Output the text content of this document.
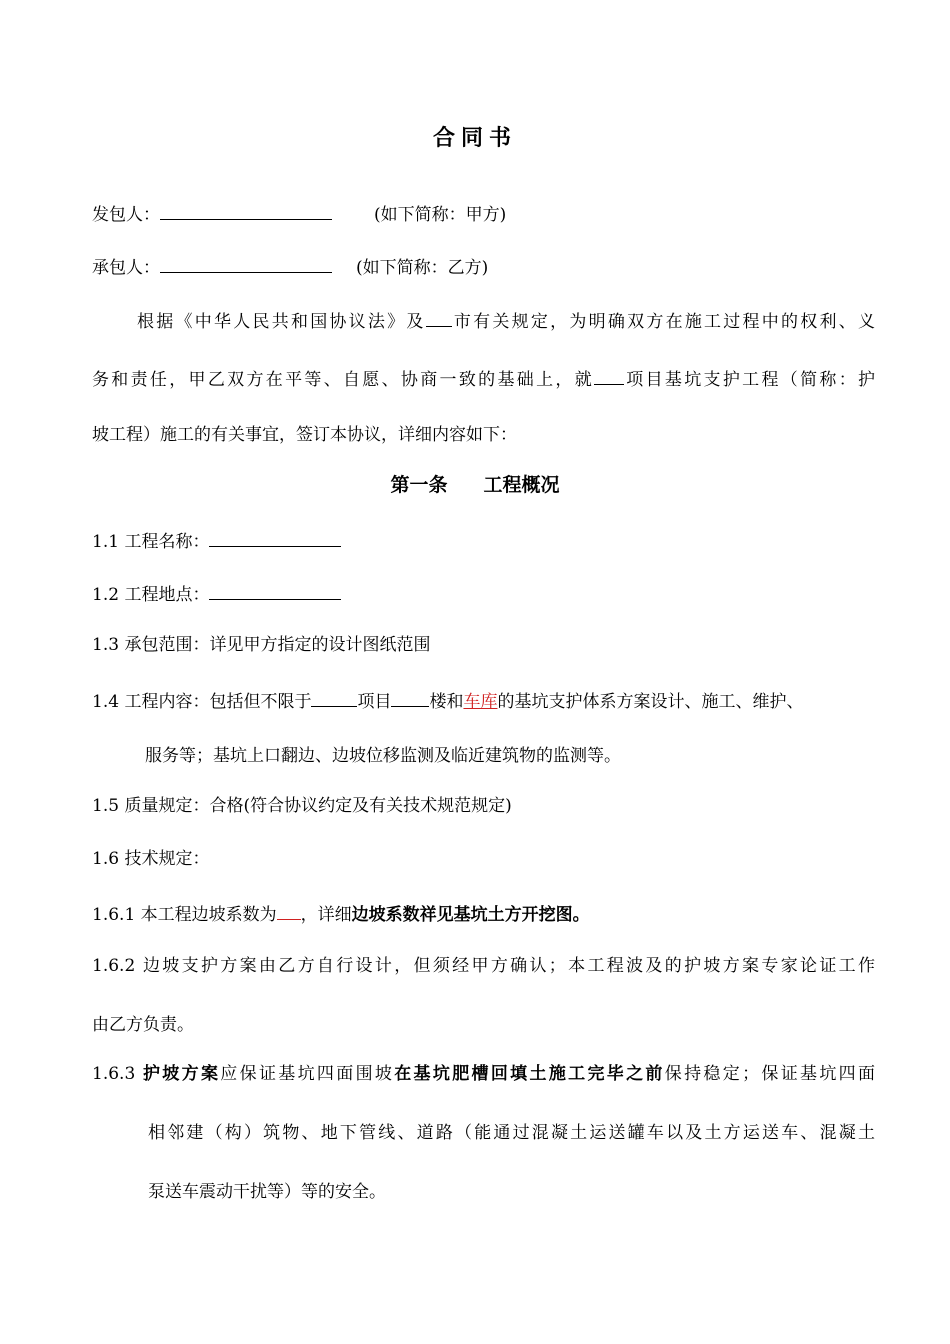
合同书
发包人：	(如下简称：甲方)
承包人：	(如下简称：乙方)
根据《中华人民共和国协议法》及 市有关规定，为明确双方在施工过程中的权利、义
务和责任，甲乙双方在平等、自愿、协商一致的基础上，就 项目基坑支护工程（简称：护
坡工程）施工的有关事宜，签订本协议，详细内容如下：
第一条 工程概况
1.1 工程名称：
1.2 工程地点：
1.3 承包范围：详见甲方指定的设计图纸范围
1.4 工程内容：包括但不限于	项目 楼和车库的基坑支护体系方案设计、施工、维护、
服务等；基坑上口翻边、边坡位移监测及临近建筑物的监测等。
1.5 质量规定：合格(符合协议约定及有关技术规范规定)
1.6 技术规定：
1.6.1 本工程边坡系数为 ，详细边坡系数祥见基坑土方开挖图。
1.6.2 边坡支护方案由乙方自行设计，但须经甲方确认；本工程波及的护坡方案专家论证工作
由乙方负责。
1.6.3 护坡方案应保证基坑四面围坡在基坑肥槽回填土施工完毕之前保持稳定；保证基坑四面
相邻建（构）筑物、地下管线、道路（能通过混凝土运送罐车以及土方运送车、混凝土
泵送车震动干扰等）等的安全。
